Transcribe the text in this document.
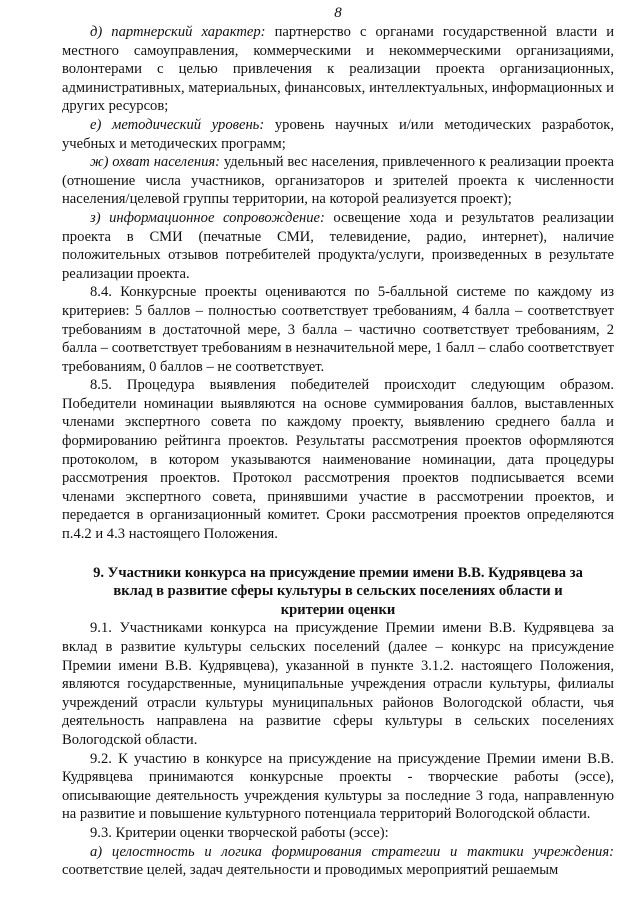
8

д) партнерский характер: партнерство с органами государственной власти и местного самоуправления, коммерческими и некоммерческими организациями, волонтерами с целью привлечения к реализации проекта организационных, административных, материальных, финансовых, интеллектуальных, информационных и других ресурсов;

е) методический уровень: уровень научных и/или методических разработок, учебных и методических программ;

ж) охват населения: удельный вес населения, привлеченного к реализации проекта (отношение числа участников, организаторов и зрителей проекта к численности населения/целевой группы территории, на которой реализуется проект);

з) информационное сопровождение: освещение хода и результатов реализации проекта в СМИ (печатные СМИ, телевидение, радио, интернет), наличие положительных отзывов потребителей продукта/услуги, произведенных в результате реализации проекта.

8.4. Конкурсные проекты оцениваются по 5-балльной системе по каждому из критериев: 5 баллов – полностью соответствует требованиям, 4 балла – соответствует требованиям в достаточной мере, 3 балла – частично соответствует требованиям, 2 балла – соответствует требованиям в незначительной мере, 1 балл – слабо соответствует требованиям, 0 баллов – не соответствует.

8.5. Процедура выявления победителей происходит следующим образом. Победители номинации выявляются на основе суммирования баллов, выставленных членами экспертного совета по каждому проекту, выявлению среднего балла и формированию рейтинга проектов. Результаты рассмотрения проектов оформляются протоколом, в котором указываются наименование номинации, дата процедуры рассмотрения проектов. Протокол рассмотрения проектов подписывается всеми членами экспертного совета, принявшими участие в рассмотрении проектов, и передается в организационный комитет. Сроки рассмотрения проектов определяются п.4.2 и 4.3 настоящего Положения.

9. Участники конкурса на присуждение премии имени В.В. Кудрявцева за вклад в развитие сферы культуры в сельских поселениях области и критерии оценки

9.1. Участниками конкурса на присуждение Премии имени В.В. Кудрявцева за вклад в развитие культуры сельских поселений (далее – конкурс на присуждение Премии имени В.В. Кудрявцева), указанной в пункте 3.1.2. настоящего Положения, являются государственные, муниципальные учреждения отрасли культуры, филиалы учреждений отрасли культуры муниципальных районов Вологодской области, чья деятельность направлена на развитие сферы культуры в сельских поселениях Вологодской области.

9.2. К участию в конкурсе на присуждение на присуждение Премии имени В.В. Кудрявцева принимаются конкурсные проекты - творческие работы (эссе), описывающие деятельность учреждения культуры за последние 3 года, направленную на развитие и повышение культурного потенциала территорий Вологодской области.

9.3. Критерии оценки творческой работы (эссе):

а) целостность и логика формирования стратегии и тактики учреждения: соответствие целей, задач деятельности и проводимых мероприятий решаемым
